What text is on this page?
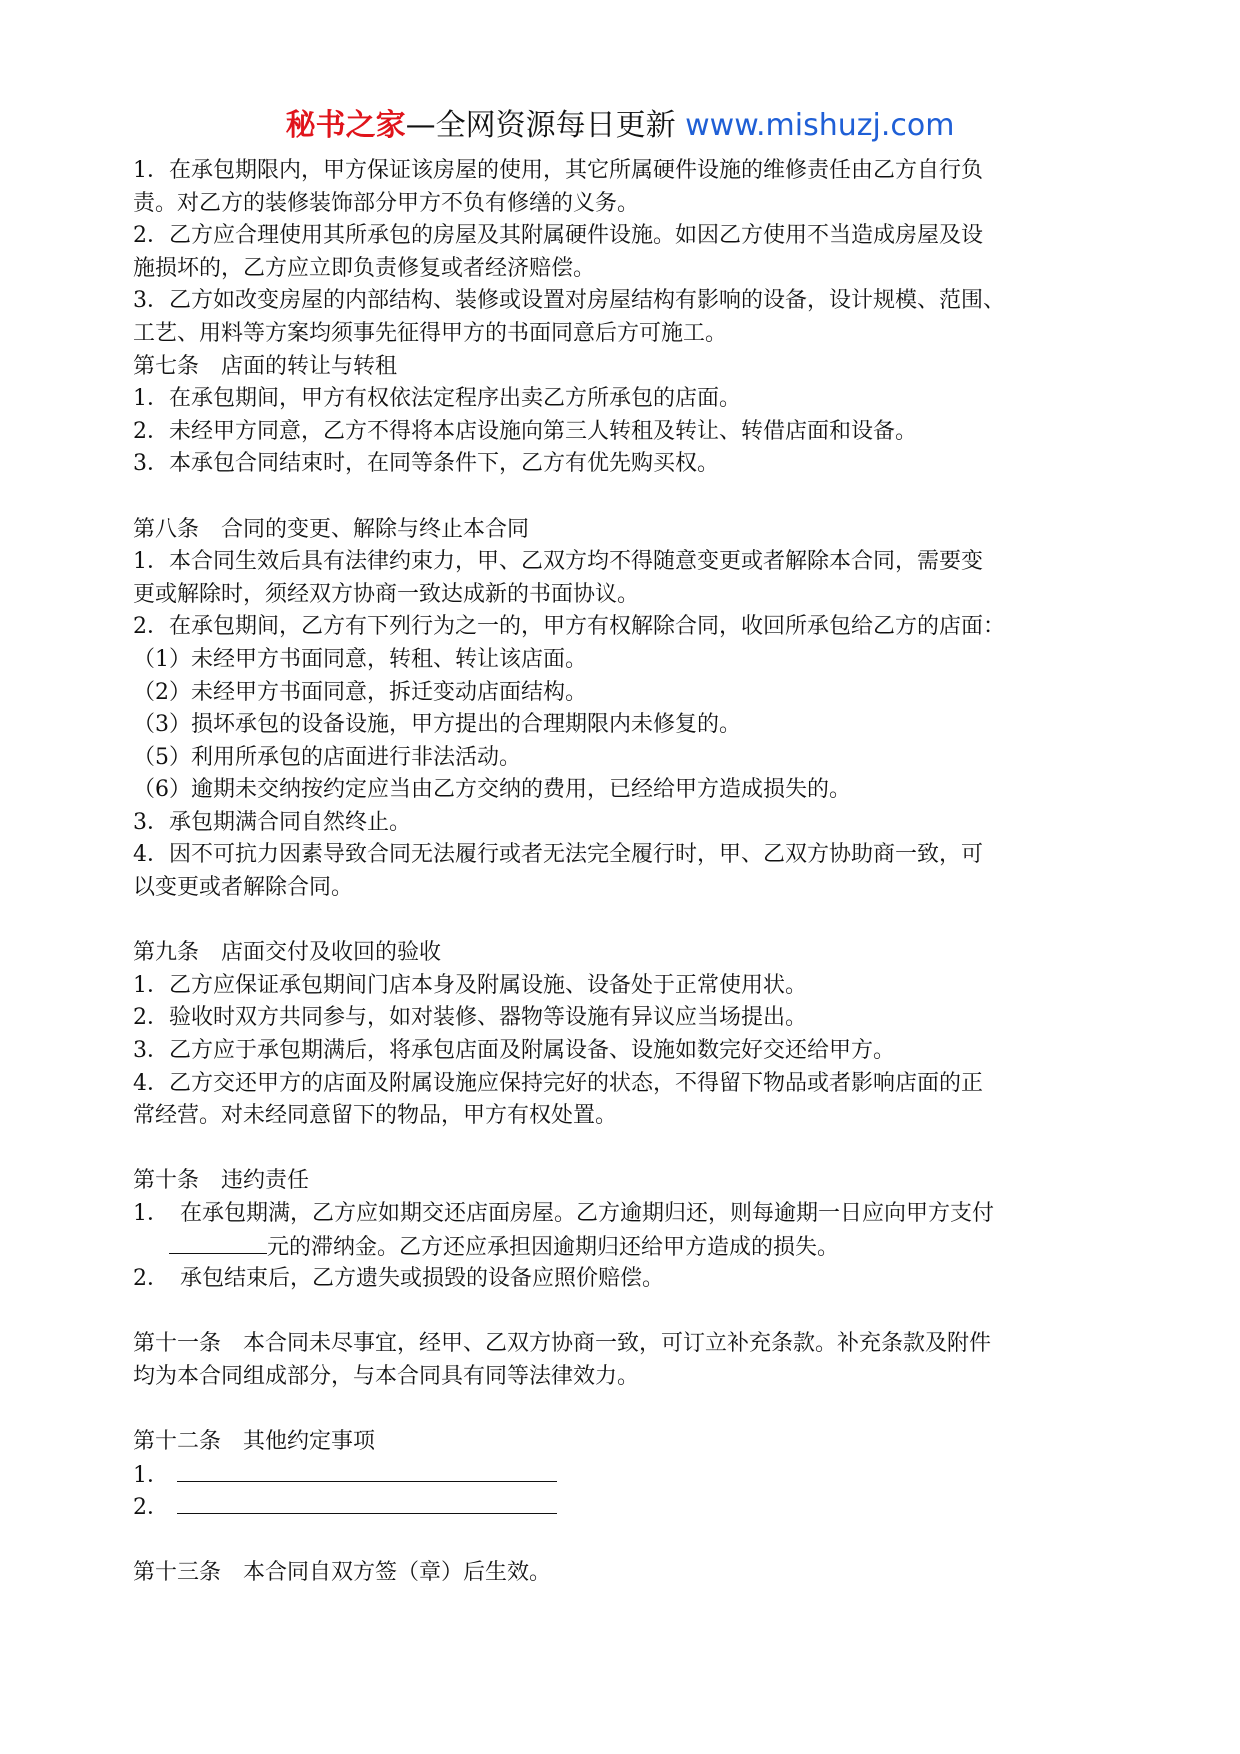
秘书之家—全网资源每日更新 www.mishuzj.com
1．在承包期限内，甲方保证该房屋的使用，其它所属硬件设施的维修责任由乙方自行负
责。对乙方的装修装饰部分甲方不负有修缮的义务。
2．乙方应合理使用其所承包的房屋及其附属硬件设施。如因乙方使用不当造成房屋及设
施损坏的，乙方应立即负责修复或者经济赔偿。
3．乙方如改变房屋的内部结构、装修或设置对房屋结构有影响的设备，设计规模、范围、
工艺、用料等方案均须事先征得甲方的书面同意后方可施工。
第七条　店面的转让与转租
1．在承包期间，甲方有权依法定程序出卖乙方所承包的店面。
2．未经甲方同意，乙方不得将本店设施向第三人转租及转让、转借店面和设备。
3．本承包合同结束时，在同等条件下，乙方有优先购买权。
第八条　合同的变更、解除与终止本合同
1．本合同生效后具有法律约束力，甲、乙双方均不得随意变更或者解除本合同，需要变
更或解除时，须经双方协商一致达成新的书面协议。
2．在承包期间，乙方有下列行为之一的，甲方有权解除合同，收回所承包给乙方的店面：
（1）未经甲方书面同意，转租、转让该店面。
（2）未经甲方书面同意，拆迁变动店面结构。
（3）损坏承包的设备设施，甲方提出的合理期限内未修复的。
（5）利用所承包的店面进行非法活动。
（6）逾期未交纳按约定应当由乙方交纳的费用，已经给甲方造成损失的。
3．承包期满合同自然终止。
4．因不可抗力因素导致合同无法履行或者无法完全履行时，甲、乙双方协助商一致，可
以变更或者解除合同。
第九条　店面交付及收回的验收
1．乙方应保证承包期间门店本身及附属设施、设备处于正常使用状。
2．验收时双方共同参与，如对装修、器物等设施有异议应当场提出。
3．乙方应于承包期满后，将承包店面及附属设备、设施如数完好交还给甲方。
4．乙方交还甲方的店面及附属设施应保持完好的状态，不得留下物品或者影响店面的正
常经营。对未经同意留下的物品，甲方有权处置。
第十条　违约责任
1．　在承包期满，乙方应如期交还店面房屋。乙方逾期归还，则每逾期一日应向甲方支付
元的滞纳金。乙方还应承担因逾期归还给甲方造成的损失。
2．　承包结束后，乙方遗失或损毁的设备应照价赔偿。
第十一条　本合同未尽事宜，经甲、乙双方协商一致，可订立补充条款。补充条款及附件
均为本合同组成部分，与本合同具有同等法律效力。
第十二条　其他约定事项
1．
2．
第十三条　本合同自双方签（章）后生效。
